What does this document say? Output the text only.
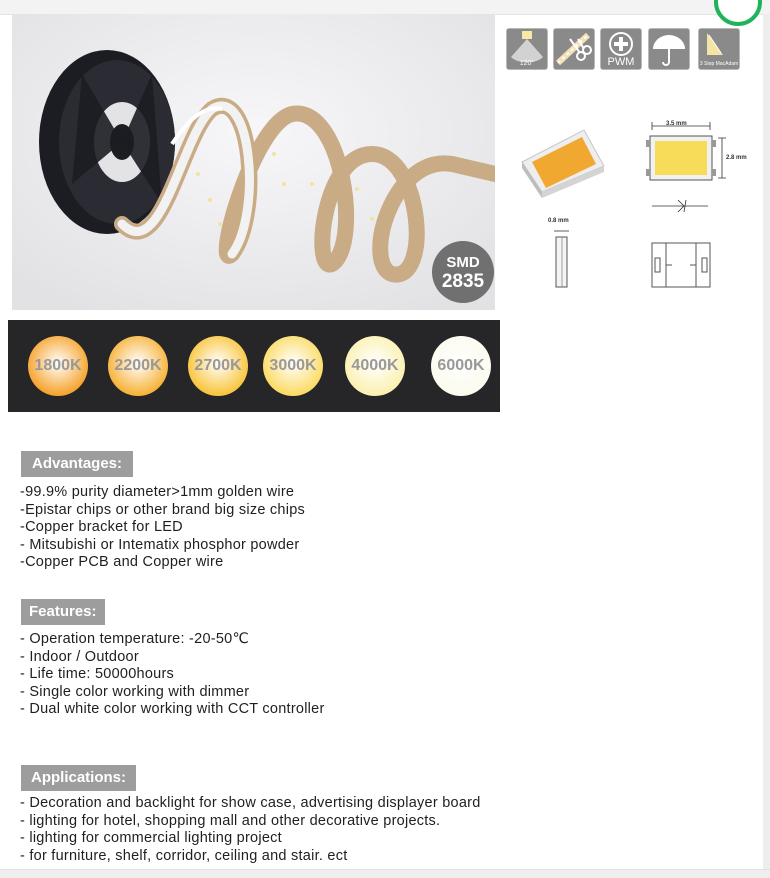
SMD
2835
120°	PWM	3 Step MacAdam
3.5 mm
2.8 mm
0.8 mm
1800K	2200K	2700K	3000K	4000K	6000K
Advantages:
-99.9% purity diameter>1mm golden wire
-Epistar chips or other brand big size chips
-Copper bracket for LED
- Mitsubishi or Intematix phosphor powder
-Copper PCB and Copper wire
Features:
- Operation temperature: -20-50℃
- Indoor / Outdoor
- Life time: 50000hours
- Single color working with dimmer
- Dual white color working with CCT controller
Applications:
- Decoration and backlight for show case, advertising displayer board
- lighting for hotel, shopping mall and other decorative projects.
- lighting for commercial lighting project
- for furniture, shelf, corridor, ceiling and stair. ect
